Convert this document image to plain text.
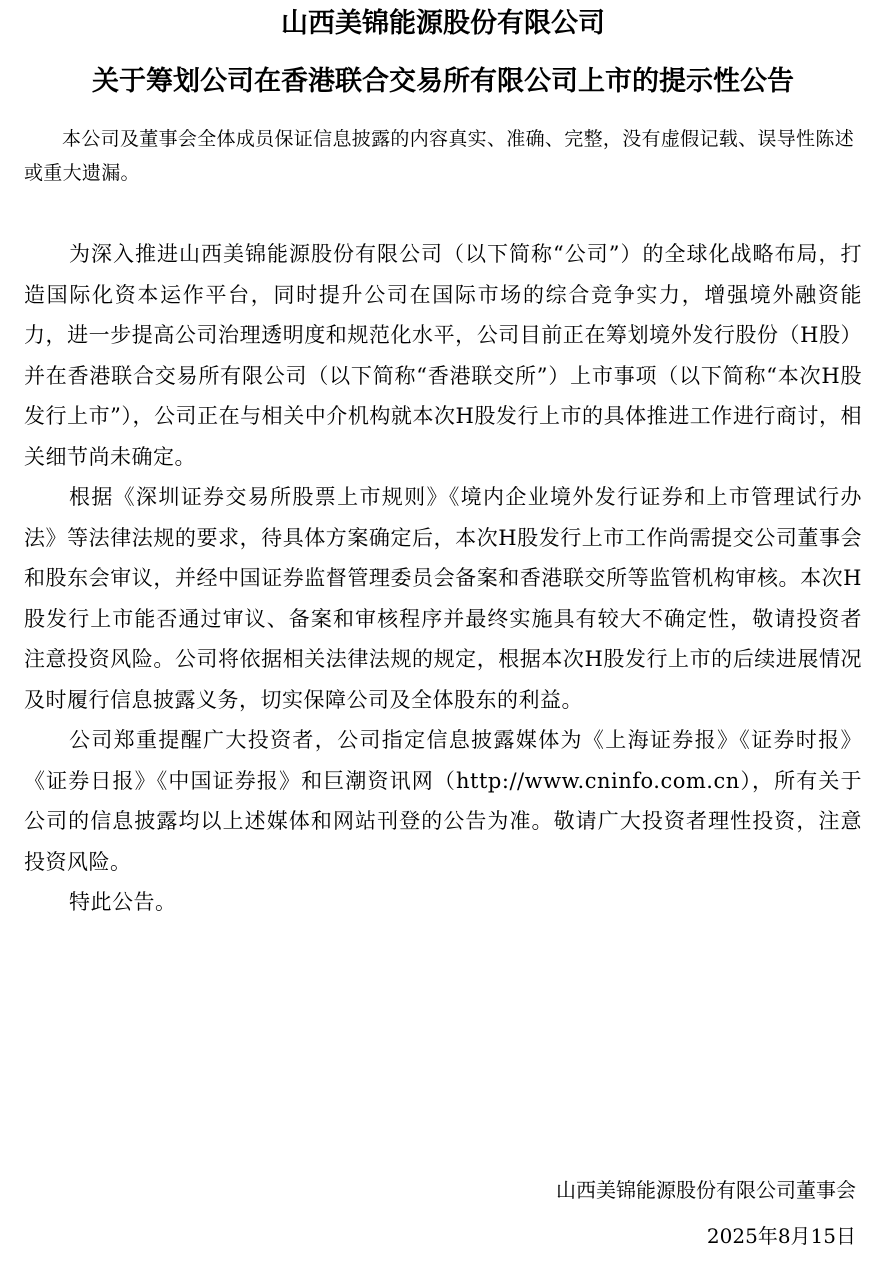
山西美锦能源股份有限公司
关于筹划公司在香港联合交易所有限公司上市的提示性公告

本公司及董事会全体成员保证信息披露的内容真实、准确、完整，没有虚假记载、误导性陈述或重大遗漏。

为深入推进山西美锦能源股份有限公司（以下简称“公司”）的全球化战略布局，打造国际化资本运作平台，同时提升公司在国际市场的综合竞争实力，增强境外融资能力，进一步提高公司治理透明度和规范化水平，公司目前正在筹划境外发行股份（H股）并在香港联合交易所有限公司（以下简称“香港联交所”）上市事项（以下简称“本次H股发行上市”），公司正在与相关中介机构就本次H股发行上市的具体推进工作进行商讨，相关细节尚未确定。

根据《深圳证券交易所股票上市规则》《境内企业境外发行证券和上市管理试行办法》等法律法规的要求，待具体方案确定后，本次H股发行上市工作尚需提交公司董事会和股东会审议，并经中国证券监督管理委员会备案和香港联交所等监管机构审核。本次H股发行上市能否通过审议、备案和审核程序并最终实施具有较大不确定性，敬请投资者注意投资风险。公司将依据相关法律法规的规定，根据本次H股发行上市的后续进展情况及时履行信息披露义务，切实保障公司及全体股东的利益。

公司郑重提醒广大投资者，公司指定信息披露媒体为《上海证券报》《证券时报》《证券日报》《中国证券报》和巨潮资讯网（http://www.cninfo.com.cn），所有关于公司的信息披露均以上述媒体和网站刊登的公告为准。敬请广大投资者理性投资，注意投资风险。

特此公告。

山西美锦能源股份有限公司董事会

2025年8月15日
